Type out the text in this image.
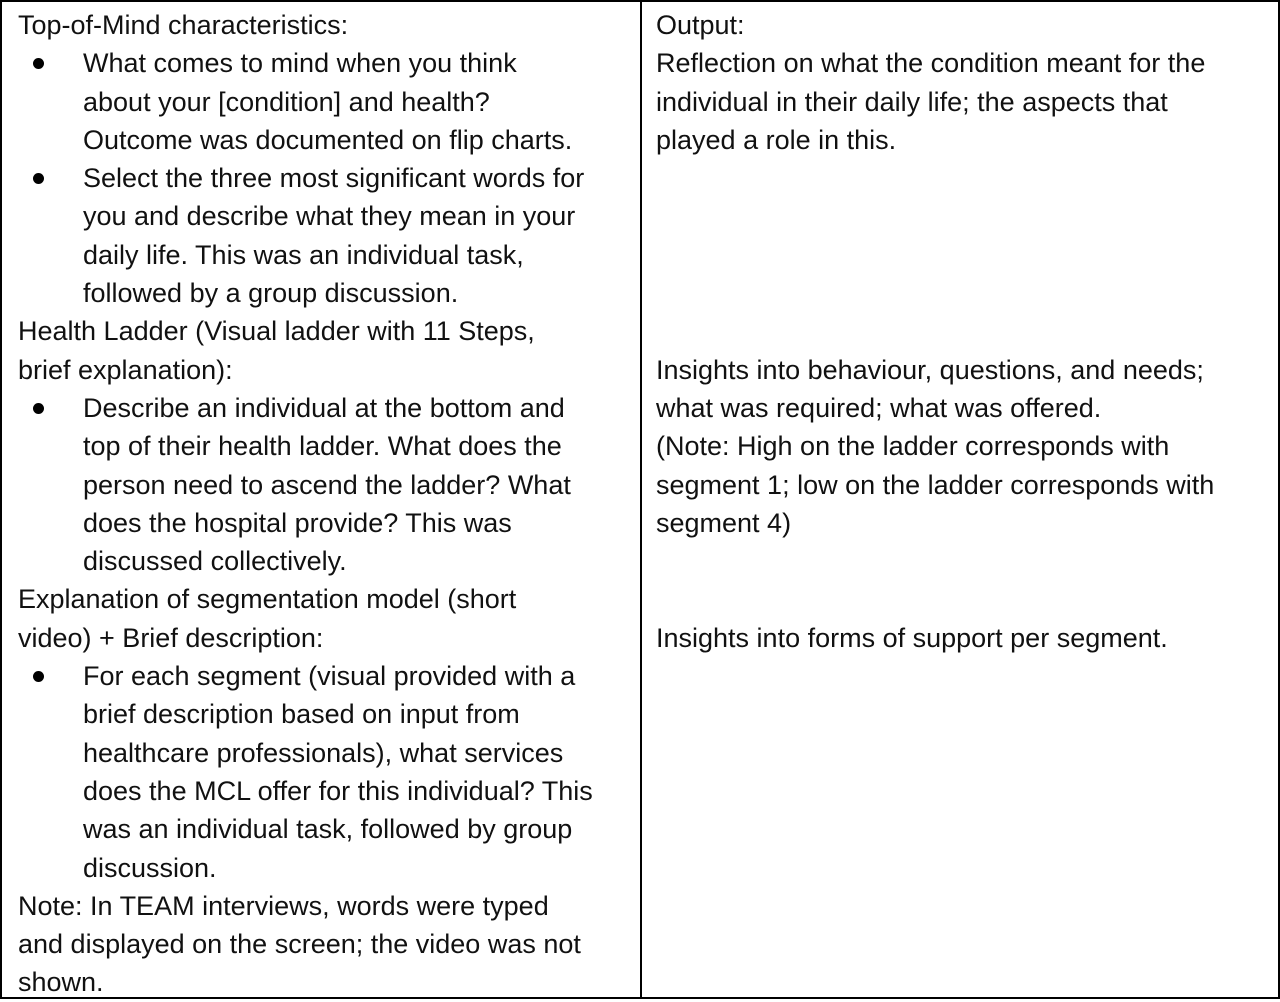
Top-of-Mind characteristics:
What comes to mind when you think
about your [condition] and health?
Outcome was documented on flip charts.
Select the three most significant words for
you and describe what they mean in your
daily life. This was an individual task,
followed by a group discussion.
Health Ladder (Visual ladder with 11 Steps,
brief explanation):
Describe an individual at the bottom and
top of their health ladder. What does the
person need to ascend the ladder? What
does the hospital provide? This was
discussed collectively.
Explanation of segmentation model (short
video) + Brief description:
For each segment (visual provided with a
brief description based on input from
healthcare professionals), what services
does the MCL offer for this individual? This
was an individual task, followed by group
discussion.
Note: In TEAM interviews, words were typed
and displayed on the screen; the video was not
shown.
Output:
Reflection on what the condition meant for the
individual in their daily life; the aspects that
played a role in this.
Insights into behaviour, questions, and needs;
what was required; what was offered.
(Note: High on the ladder corresponds with
segment 1; low on the ladder corresponds with
segment 4)
Insights into forms of support per segment.
